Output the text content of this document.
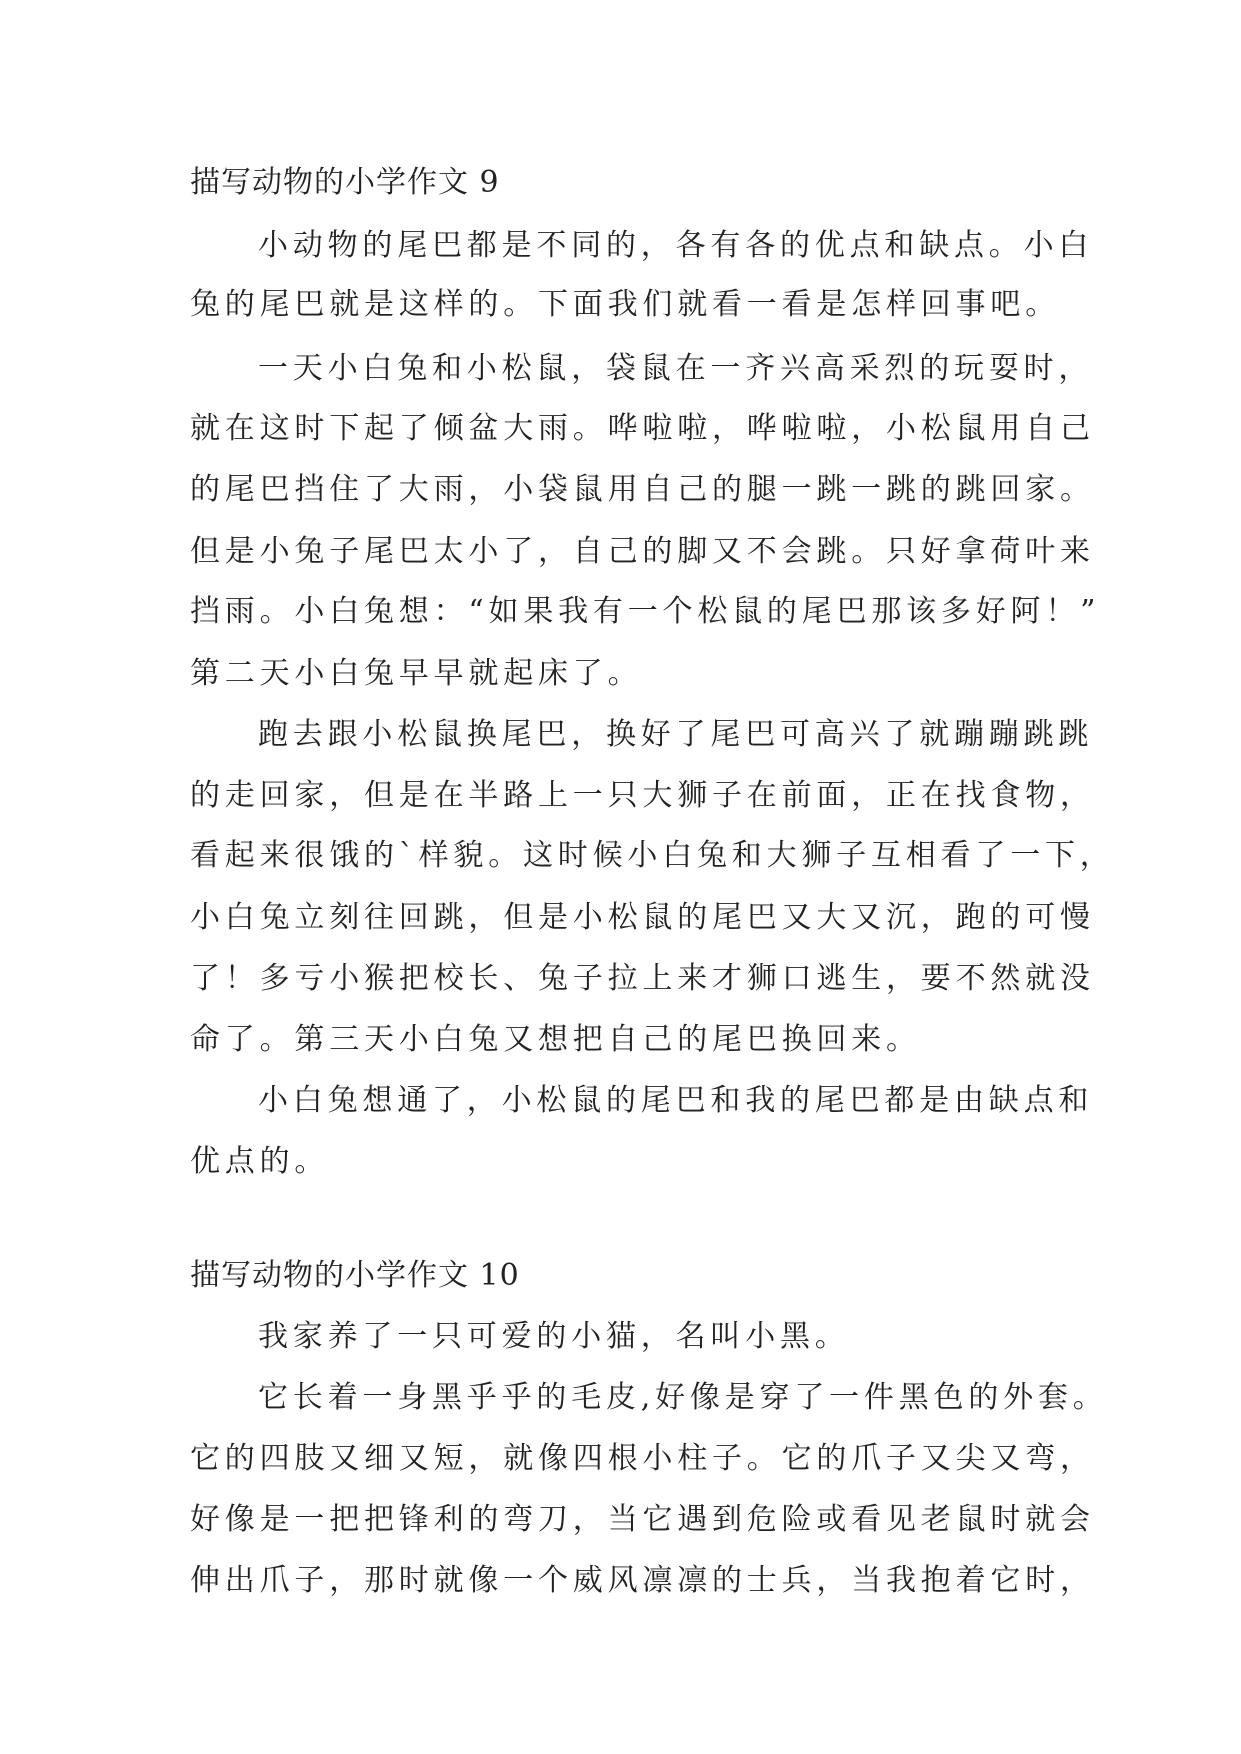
描写动物的小学作文 9
小动物的尾巴都是不同的，各有各的优点和缺点。小白
兔的尾巴就是这样的。下面我们就看一看是怎样回事吧。
一天小白兔和小松鼠，袋鼠在一齐兴高采烈的玩耍时，
就在这时下起了倾盆大雨。哗啦啦，哗啦啦，小松鼠用自己
的尾巴挡住了大雨，小袋鼠用自己的腿一跳一跳的跳回家。
但是小兔子尾巴太小了，自己的脚又不会跳。只好拿荷叶来
挡雨。小白兔想：“如果我有一个松鼠的尾巴那该多好阿！”
第二天小白兔早早就起床了。
跑去跟小松鼠换尾巴，换好了尾巴可高兴了就蹦蹦跳跳
的走回家，但是在半路上一只大狮子在前面，正在找食物，
看起来很饿的`样貌。这时候小白兔和大狮子互相看了一下，
小白兔立刻往回跳，但是小松鼠的尾巴又大又沉，跑的可慢
了！多亏小猴把校长、兔子拉上来才狮口逃生，要不然就没
命了。第三天小白兔又想把自己的尾巴换回来。
小白兔想通了，小松鼠的尾巴和我的尾巴都是由缺点和
优点的。
描写动物的小学作文 10
我家养了一只可爱的小猫，名叫小黑。
它长着一身黑乎乎的毛皮,好像是穿了一件黑色的外套。
它的四肢又细又短，就像四根小柱子。它的爪子又尖又弯，
好像是一把把锋利的弯刀，当它遇到危险或看见老鼠时就会
伸出爪子，那时就像一个威风凛凛的士兵，当我抱着它时，
